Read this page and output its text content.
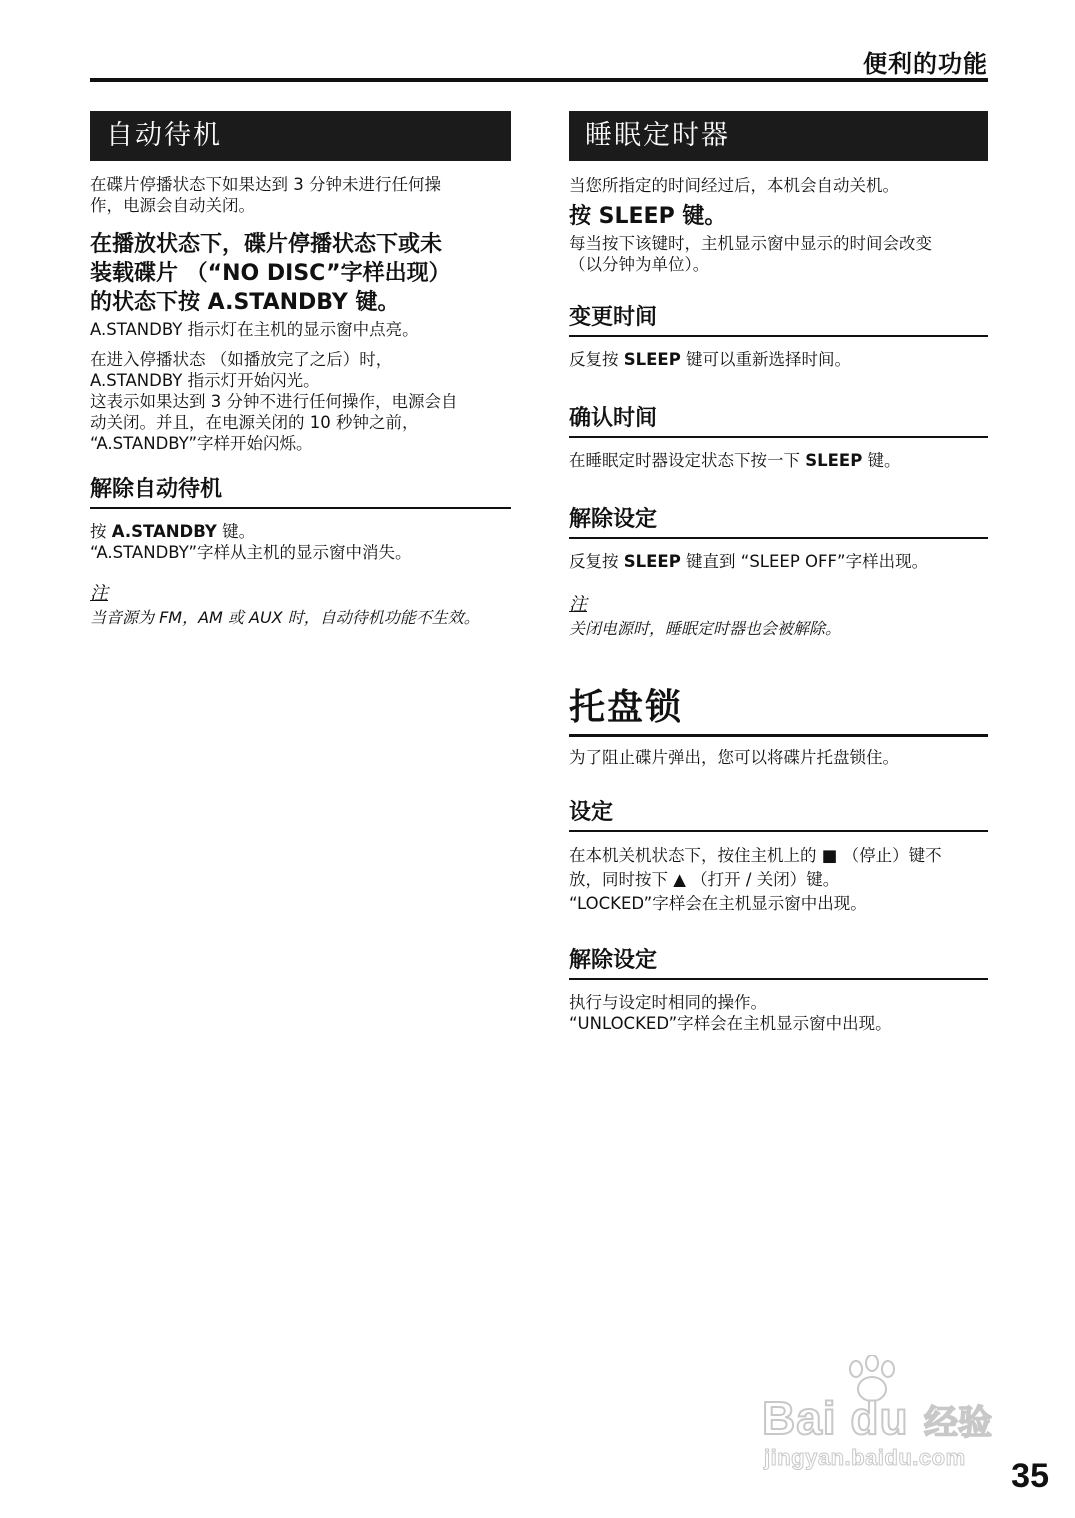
便利的功能
自动待机

在碟片停播状态下如果达到 3 分钟未进行任何操

作，电源会自动关闭。

在播放状态下，碟片停播状态下或未

装载碟片 （“NO DISC”字样出现）

的状态下按 A.STANDBY 键。

A.STANDBY 指示灯在主机的显示窗中点亮。

在进入停播状态 （如播放完了之后）时，

A.STANDBY 指示灯开始闪光。

这表示如果达到 3 分钟不进行任何操作，电源会自

动关闭。并且，在电源关闭的 10 秒钟之前，

“A.STANDBY”字样开始闪烁。

解除自动待机

按 A.STANDBY 键。

“A.STANDBY”字样从主机的显示窗中消失。

注

当音源为 FM，AM 或 AUX 时，自动待机功能不生效。

睡眠定时器

当您所指定的时间经过后，本机会自动关机。

按 SLEEP 键。

每当按下该键时，主机显示窗中显示的时间会改变

（以分钟为单位）。

变更时间

反复按 SLEEP 键可以重新选择时间。

确认时间

在睡眠定时器设定状态下按一下 SLEEP 键。

解除设定

反复按 SLEEP 键直到 “SLEEP OFF”字样出现。

注

关闭电源时，睡眠定时器也会被解除。

托盘锁

为了阻止碟片弹出，您可以将碟片托盘锁住。

设定

在本机关机状态下，按住主机上的 ■ （停止）键不

放，同时按下 ▲ （打开 / 关闭）键。

“LOCKED”字样会在主机显示窗中出现。

解除设定

执行与设定时相同的操作。

“UNLOCKED”字样会在主机显示窗中出现。

Bai du 经验
jingyan.baidu.com 35
